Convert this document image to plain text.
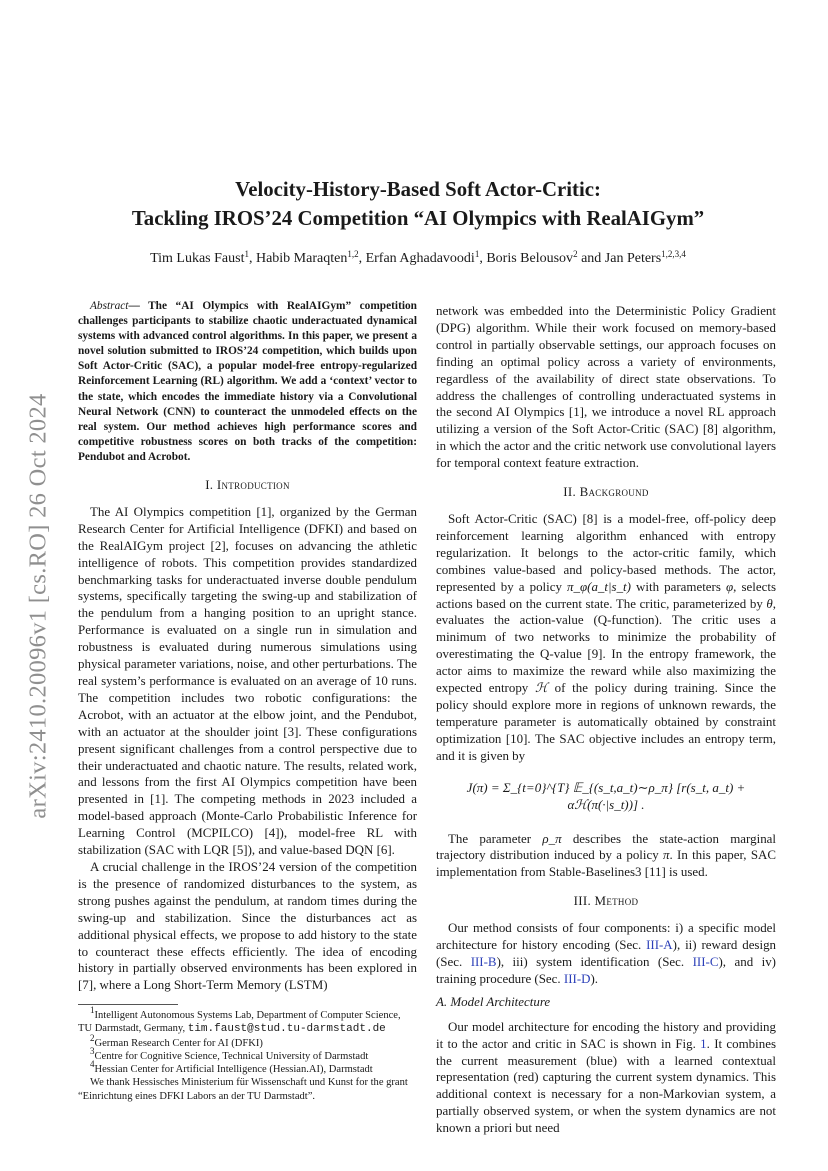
arXiv:2410.20096v1 [cs.RO] 26 Oct 2024
Velocity-History-Based Soft Actor-Critic:
Tackling IROS’24 Competition “AI Olympics with RealAIGym”
Tim Lukas Faust$^1$, Habib Maraqten$^{1,2}$, Erfan Aghadavoodi$^1$, Boris Belousov$^2$ and Jan Peters$^{1,2,3,4}$

Abstract— The “AI Olympics with RealAIGym” competition challenges participants to stabilize chaotic underactuated dynamical systems with advanced control algorithms. In this paper, we present a novel solution submitted to IROS’24 competition, which builds upon Soft Actor-Critic (SAC), a popular model-free entropy-regularized Reinforcement Learning (RL) algorithm. We add a ‘context’ vector to the state, which encodes the immediate history via a Convolutional Neural Network (CNN) to counteract the unmodeled effects on the real system. Our method achieves high performance scores and competitive robustness scores on both tracks of the competition: Pendubot and Acrobot.

I. Introduction

The AI Olympics competition [1], organized by the German Research Center for Artificial Intelligence (DFKI) and based on the RealAIGym project [2], focuses on advancing the athletic intelligence of robots. This competition provides standardized benchmarking tasks for underactuated inverse double pendulum systems, specifically targeting the swing-up and stabilization of the pendulum from a hanging position to an upright stance. Performance is evaluated on a single run in simulation and robustness is evaluated during numerous simulations using physical parameter variations, noise, and other perturbations. The real system’s performance is evaluated on an average of 10 runs. The competition includes two robotic configurations: the Acrobot, with an actuator at the elbow joint, and the Pendubot, with an actuator at the shoulder joint [3]. These configurations present significant challenges from a control perspective due to their underactuated and chaotic nature. The results, related work, and lessons from the first AI Olympics competition have been presented in [1]. The competing methods in 2023 included a model-based approach (Monte-Carlo Probabilistic Inference for Learning Control (MCPILCO) [4]), model-free RL with stabilization (SAC with LQR [5]), and value-based DQN [6].

A crucial challenge in the IROS’24 version of the competition is the presence of randomized disturbances to the system, as strong pushes against the pendulum, at random times during the swing-up and stabilization. Since the disturbances act as additional physical effects, we propose to add history to the state to counteract these effects efficiently. The idea of encoding history in partially observed environments has been explored in [7], where a Long Short-Term Memory (LSTM)

network was embedded into the Deterministic Policy Gradient (DPG) algorithm. While their work focused on memory-based control in partially observable settings, our approach focuses on finding an optimal policy across a variety of environments, regardless of the availability of direct state observations. To address the challenges of controlling underactuated systems in the second AI Olympics [1], we introduce a novel RL approach utilizing a version of the Soft Actor-Critic (SAC) [8] algorithm, in which the actor and the critic network use convolutional layers for temporal context feature extraction.

II. Background

Soft Actor-Critic (SAC) [8] is a model-free, off-policy deep reinforcement learning algorithm enhanced with entropy regularization. It belongs to the actor-critic family, which combines value-based and policy-based methods. The actor, represented by a policy π_φ(a_t|s_t) with parameters φ, selects actions based on the current state. The critic, parameterized by θ, evaluates the action-value (Q-function). The critic uses a minimum of two networks to minimize the probability of overestimating the Q-value [9]. In the entropy framework, the actor aims to maximize the reward while also maximizing the expected entropy ℋ of the policy during training. Since the policy should explore more in regions of unknown rewards, the temperature parameter is automatically obtained by constraint optimization [10]. The SAC objective includes an entropy term, and it is given by

J(π) = Σ_{t=0}^{T} 𝔼_{(s_t,a_t)∼ρ_π} [r(s_t, a_t) + αℋ(π(·|s_t))] .

The parameter ρ_π describes the state-action marginal trajectory distribution induced by a policy π. In this paper, SAC implementation from Stable-Baselines3 [11] is used.

III. Method

Our method consists of four components: i) a specific model architecture for history encoding (Sec. III-A), ii) reward design (Sec. III-B), iii) system identification (Sec. III-C), and iv) training procedure (Sec. III-D).

A. Model Architecture

Our model architecture for encoding the history and providing it to the actor and critic in SAC is shown in Fig. 1. It combines the current measurement (blue) with a learned contextual representation (red) capturing the current system dynamics. This additional context is necessary for a non-Markovian system, a partially observed system, or when the system dynamics are not known a priori but need

$^1$Intelligent Autonomous Systems Lab, Department of Computer Science, TU Darmstadt, Germany, tim.faust@stud.tu-darmstadt.de
$^2$German Research Center for AI (DFKI)
$^3$Centre for Cognitive Science, Technical University of Darmstadt
$^4$Hessian Center for Artificial Intelligence (Hessian.AI), Darmstadt
We thank Hessisches Ministerium für Wissenschaft und Kunst for the grant “Einrichtung eines DFKI Labors an der TU Darmstadt”.
